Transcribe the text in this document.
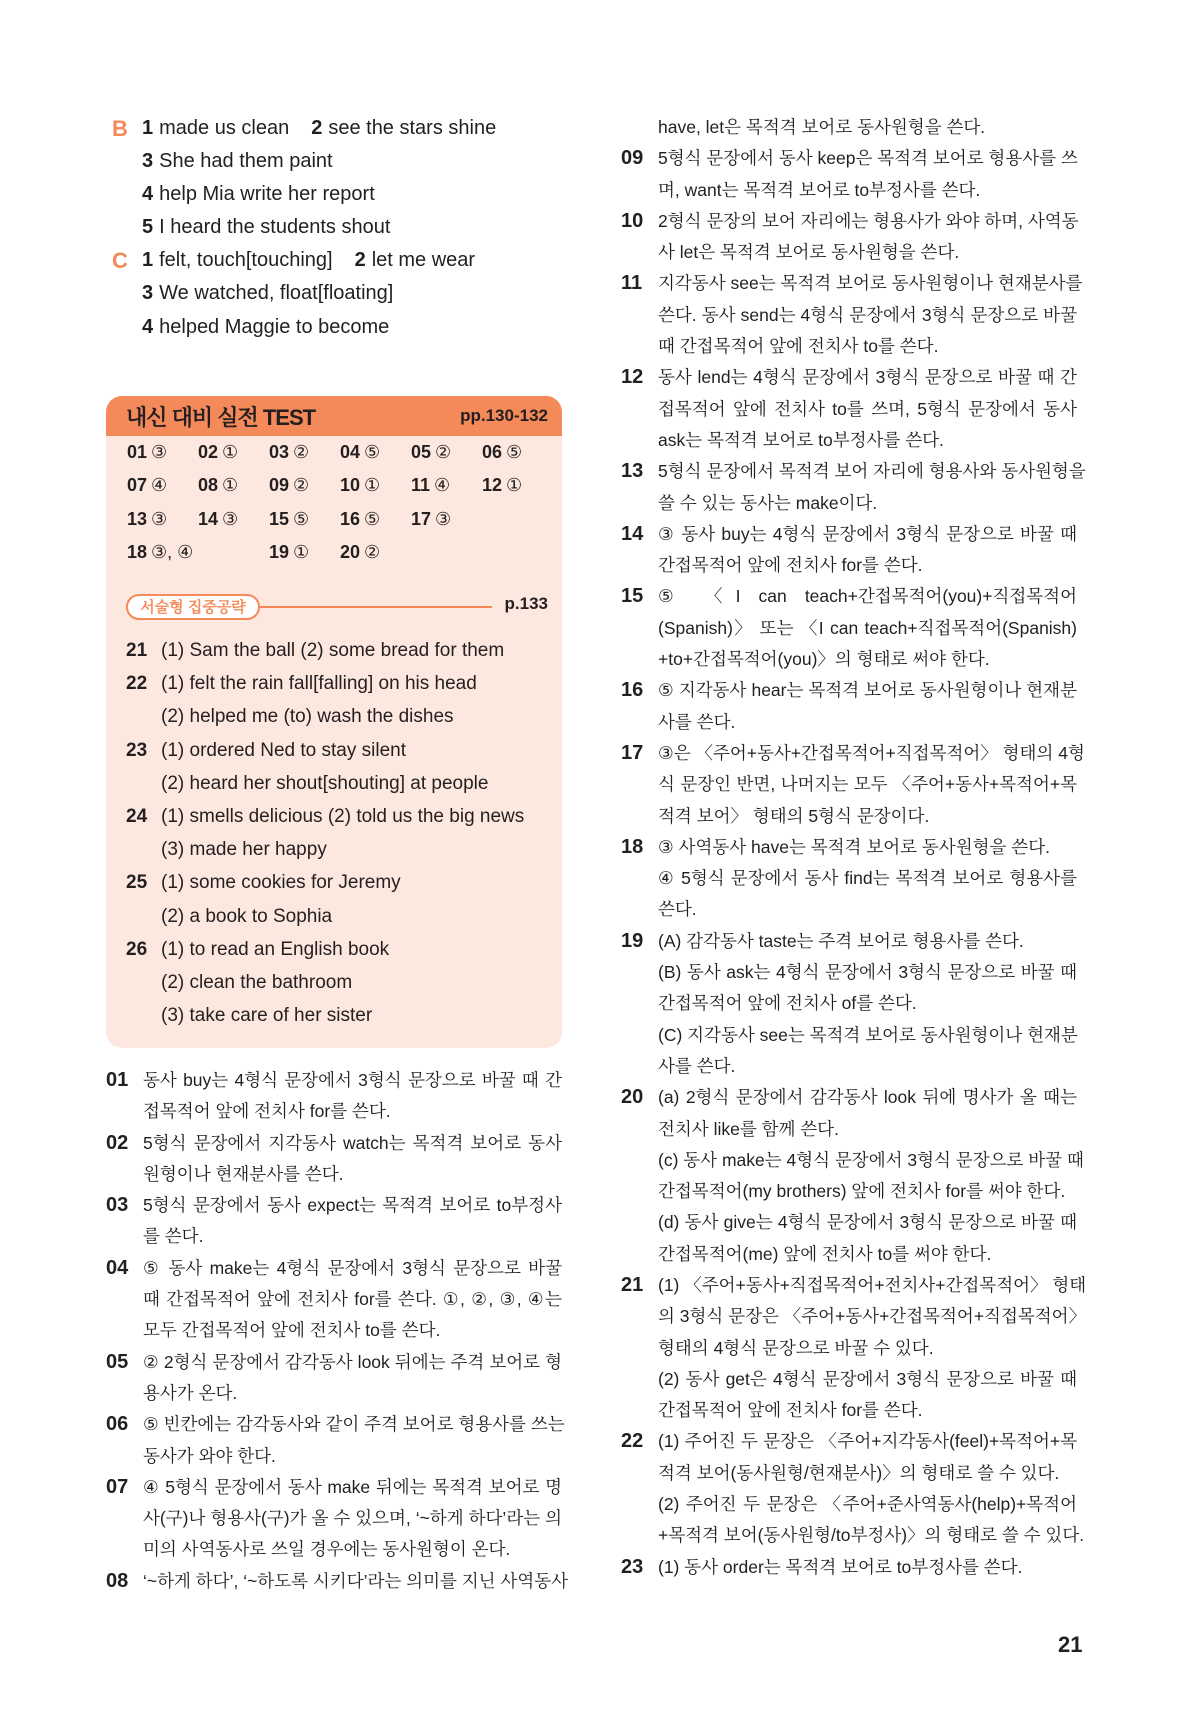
B 1 made us clean 2 see the stars shine
3 She had them paint
4 help Mia write her report
5 I heard the students shout
C 1 felt, touch[touching] 2 let me wear
3 We watched, float[floating]
4 helped Maggie to become
내신 대비 실전 TEST	pp.130-132
01 ③ 02 ① 03 ② 04 ⑤ 05 ② 06 ⑤
07 ④ 08 ① 09 ② 10 ① 11 ④ 12 ①
13 ③ 14 ③ 15 ⑤ 16 ⑤ 17 ③
18 ③, ④	19 ① 20 ②
서술형 집중공략	p.133
21 (1) Sam the ball (2) some bread for them
22 (1) felt the rain fall[falling] on his head
(2) helped me (to) wash the dishes
23 (1) ordered Ned to stay silent
(2) heard her shout[shouting] at people
24 (1) smells delicious (2) told us the big news
(3) made her happy
25 (1) some cookies for Jeremy
(2) a book to Sophia
26 (1) to read an English book
(2) clean the bathroom
(3) take care of her sister
01 동사 buy는 4형식 문장에서 3형식 문장으로 바꿀 때 간
접목적어 앞에 전치사 for를 쓴다.
02 5형식 문장에서 지각동사 watch는 목적격 보어로 동사
원형이나 현재분사를 쓴다.
03 5형식 문장에서 동사 expect는 목적격 보어로 to부정사
를 쓴다.
04 ⑤ 동사 make는 4형식 문장에서 3형식 문장으로 바꿀
때 간접목적어 앞에 전치사 for를 쓴다. ①, ②, ③, ④는
모두 간접목적어 앞에 전치사 to를 쓴다.
05 ② 2형식 문장에서 감각동사 look 뒤에는 주격 보어로 형
용사가 온다.
06 ⑤ 빈칸에는 감각동사와 같이 주격 보어로 형용사를 쓰는
동사가 와야 한다.
07 ④ 5형식 문장에서 동사 make 뒤에는 목적격 보어로 명
사(구)나 형용사(구)가 올 수 있으며, ‘~하게 하다’라는 의
미의 사역동사로 쓰일 경우에는 동사원형이 온다.
08 ‘~하게 하다’, ‘~하도록 시키다’라는 의미를 지닌 사역동사
have, let은 목적격 보어로 동사원형을 쓴다.
09 5형식 문장에서 동사 keep은 목적격 보어로 형용사를 쓰
며, want는 목적격 보어로 to부정사를 쓴다.
10 2형식 문장의 보어 자리에는 형용사가 와야 하며, 사역동
사 let은 목적격 보어로 동사원형을 쓴다.
11 지각동사 see는 목적격 보어로 동사원형이나 현재분사를
쓴다. 동사 send는 4형식 문장에서 3형식 문장으로 바꿀
때 간접목적어 앞에 전치사 to를 쓴다.
12 동사 lend는 4형식 문장에서 3형식 문장으로 바꿀 때 간
접목적어 앞에 전치사 to를 쓰며, 5형식 문장에서 동사
ask는 목적격 보어로 to부정사를 쓴다.
13 5형식 문장에서 목적격 보어 자리에 형용사와 동사원형을
쓸 수 있는 동사는 make이다.
14 ③ 동사 buy는 4형식 문장에서 3형식 문장으로 바꿀 때
간접목적어 앞에 전치사 for를 쓴다.
15 ⑤ 〈I can teach+간접목적어(you)+직접목적어
(Spanish)〉 또는 〈I can teach+직접목적어(Spanish)
+to+간접목적어(you)〉의 형태로 써야 한다.
16 ⑤ 지각동사 hear는 목적격 보어로 동사원형이나 현재분
사를 쓴다.
17 ③은 〈주어+동사+간접목적어+직접목적어〉 형태의 4형
식 문장인 반면, 나머지는 모두 〈주어+동사+목적어+목
적격 보어〉 형태의 5형식 문장이다.
18 ③ 사역동사 have는 목적격 보어로 동사원형을 쓴다.
④ 5형식 문장에서 동사 find는 목적격 보어로 형용사를
쓴다.
19 (A) 감각동사 taste는 주격 보어로 형용사를 쓴다.
(B) 동사 ask는 4형식 문장에서 3형식 문장으로 바꿀 때
간접목적어 앞에 전치사 of를 쓴다.
(C) 지각동사 see는 목적격 보어로 동사원형이나 현재분
사를 쓴다.
20 (a) 2형식 문장에서 감각동사 look 뒤에 명사가 올 때는
전치사 like를 함께 쓴다.
(c) 동사 make는 4형식 문장에서 3형식 문장으로 바꿀 때
간접목적어(my brothers) 앞에 전치사 for를 써야 한다.
(d) 동사 give는 4형식 문장에서 3형식 문장으로 바꿀 때
간접목적어(me) 앞에 전치사 to를 써야 한다.
21 (1) 〈주어+동사+직접목적어+전치사+간접목적어〉 형태
의 3형식 문장은 〈주어+동사+간접목적어+직접목적어〉
형태의 4형식 문장으로 바꿀 수 있다.
(2) 동사 get은 4형식 문장에서 3형식 문장으로 바꿀 때
간접목적어 앞에 전치사 for를 쓴다.
22 (1) 주어진 두 문장은 〈주어+지각동사(feel)+목적어+목
적격 보어(동사원형/현재분사)〉의 형태로 쓸 수 있다.
(2) 주어진 두 문장은 〈주어+준사역동사(help)+목적어
+목적격 보어(동사원형/to부정사)〉의 형태로 쓸 수 있다.
23 (1) 동사 order는 목적격 보어로 to부정사를 쓴다.
21
